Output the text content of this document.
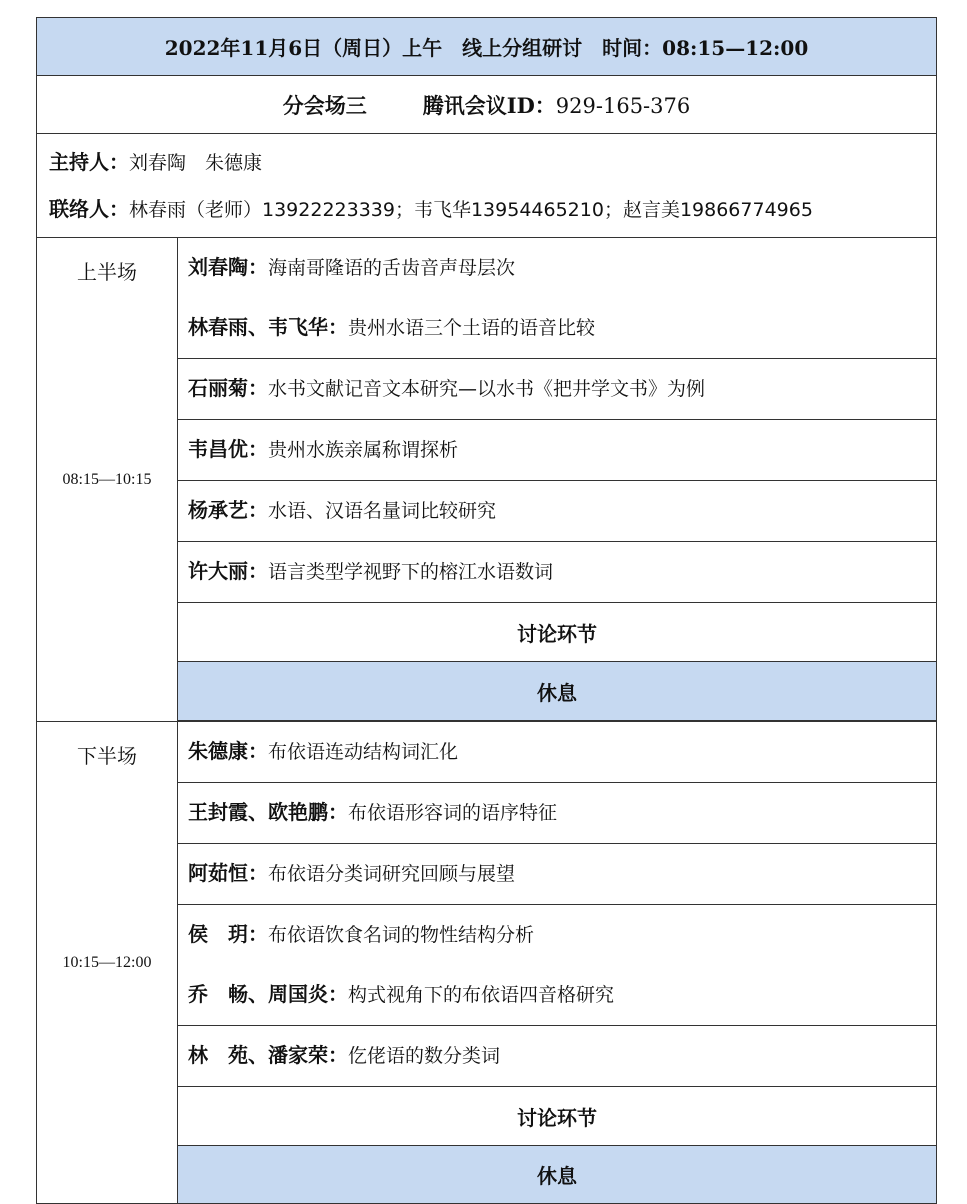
2022年11月6日（周日）上午　线上分组研讨　时间：08:15—12:00	
分会场三 腾讯会议ID：929-165-376	

主持人：刘春陶　朱德康
联络人：林春雨（老师）13922223339；韦飞华13954465210；赵言美19866774965	

上半场
08:15—10:15	刘春陶：海南哥隆语的舌齿音声母层次
林春雨、韦飞华：贵州水语三个土语的语音比较

	石丽菊：水书文献记音文本研究—以水书《把井学文书》为例

	韦昌优：贵州水族亲属称谓探析

	杨承艺：水语、汉语名量词比较研究

	许大丽：语言类型学视野下的榕江水语数词

	讨论环节
	休息

下半场
10:15—12:00	朱德康：布依语连动结构词汇化

	王封霞、欧艳鹏：布依语形容词的语序特征

	阿茹恒：布依语分类词研究回顾与展望

	侯　玥：布依语饮食名词的物性结构分析
乔　畅、周国炎：构式视角下的布依语四音格研究

	林　苑、潘家荣：仡佬语的数分类词

	讨论环节
	休息
